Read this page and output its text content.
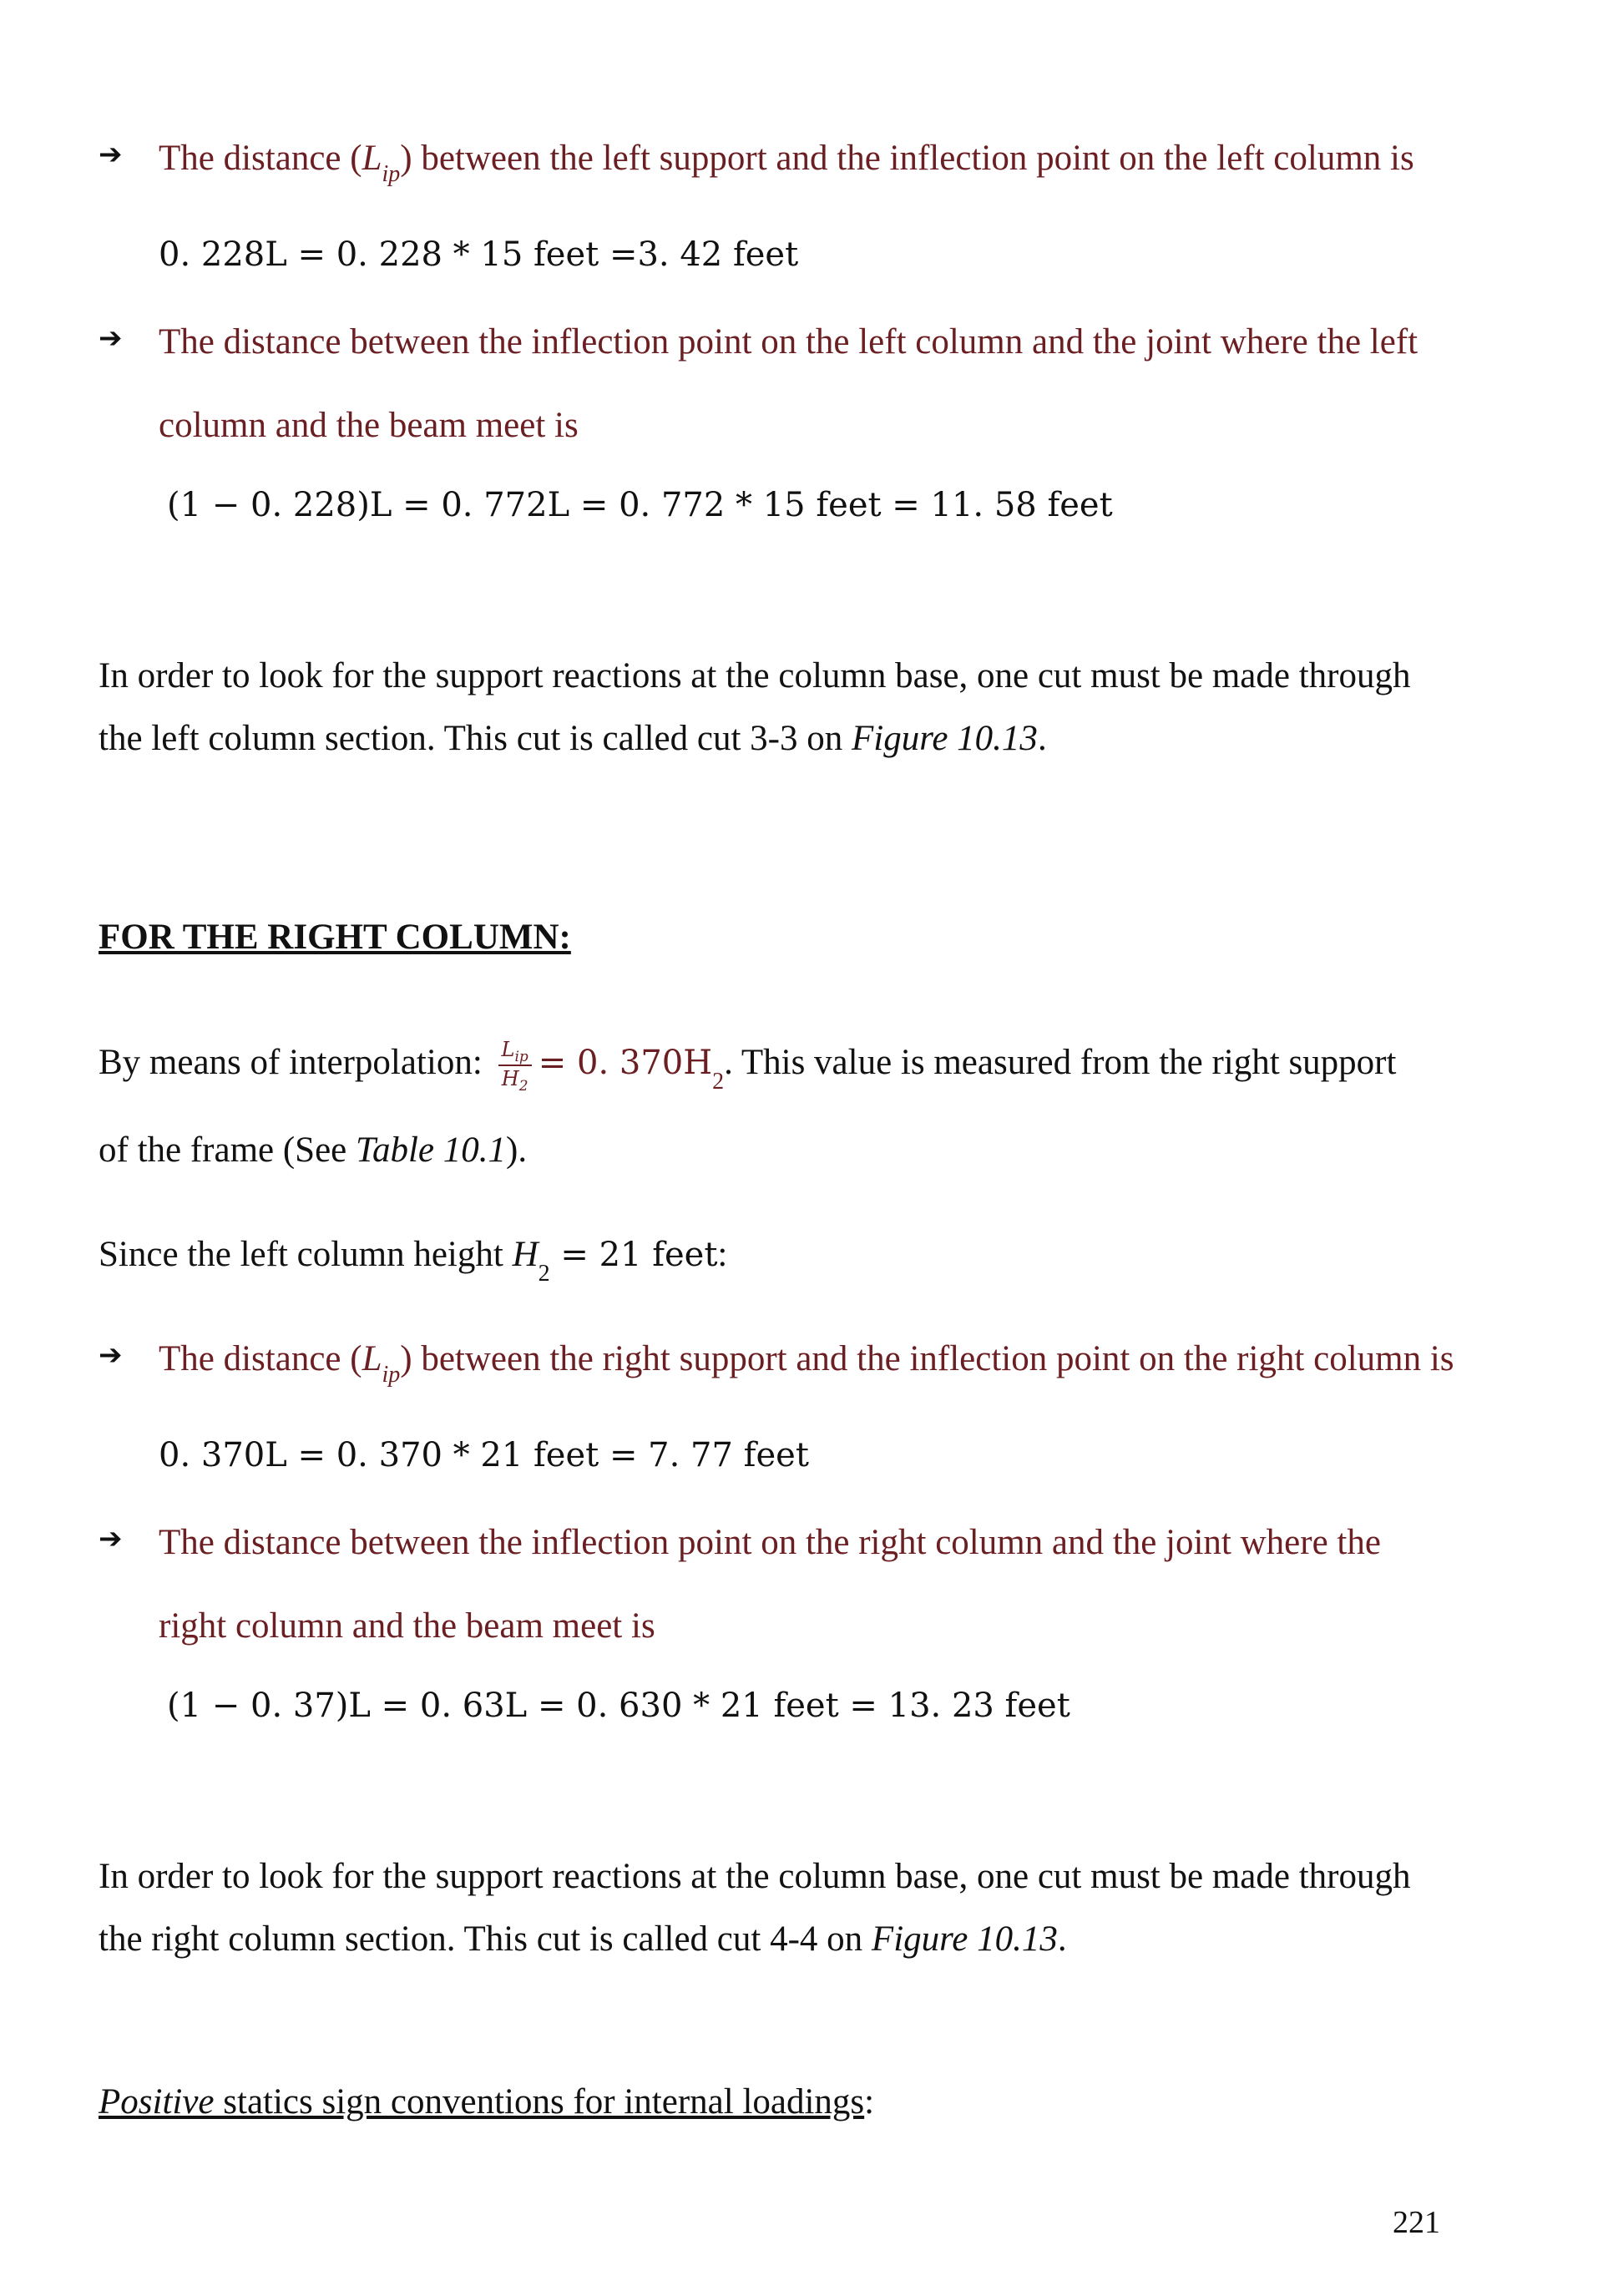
➔ The distance $(L_{ip})$ between the left support and the inflection point on the left column is
0. 228L = 0. 228 * 15 feet =3. 42 feet
➔ The distance between the inflection point on the left column and the joint where the left
column and the beam meet is
(1 − 0. 228)L = 0. 772L = 0. 772 * 15 feet = 11. 58 feet
In order to look for the support reactions at the column base, one cut must be made through
the left column section. This cut is called cut 3-3 on Figure 10.13.
FOR THE RIGHT COLUMN:
By means of interpolation: $\frac{L_{ip}}{H_2} = 0$. $370H_2$. This value is measured from the right support
of the frame (See Table 10.1).
Since the left column height $H_2 = 21$ feet:
➔ The distance $(L_{ip})$ between the right support and the inflection point on the right column is
0. 370L = 0. 370 * 21 feet = 7. 77 feet
➔ The distance between the inflection point on the right column and the joint where the
right column and the beam meet is
(1 − 0. 37)L = 0. 63L = 0. 630 * 21 feet = 13. 23 feet
In order to look for the support reactions at the column base, one cut must be made through
the right column section. This cut is called cut 4-4 on Figure 10.13.
Positive statics sign conventions for internal loadings:
221
